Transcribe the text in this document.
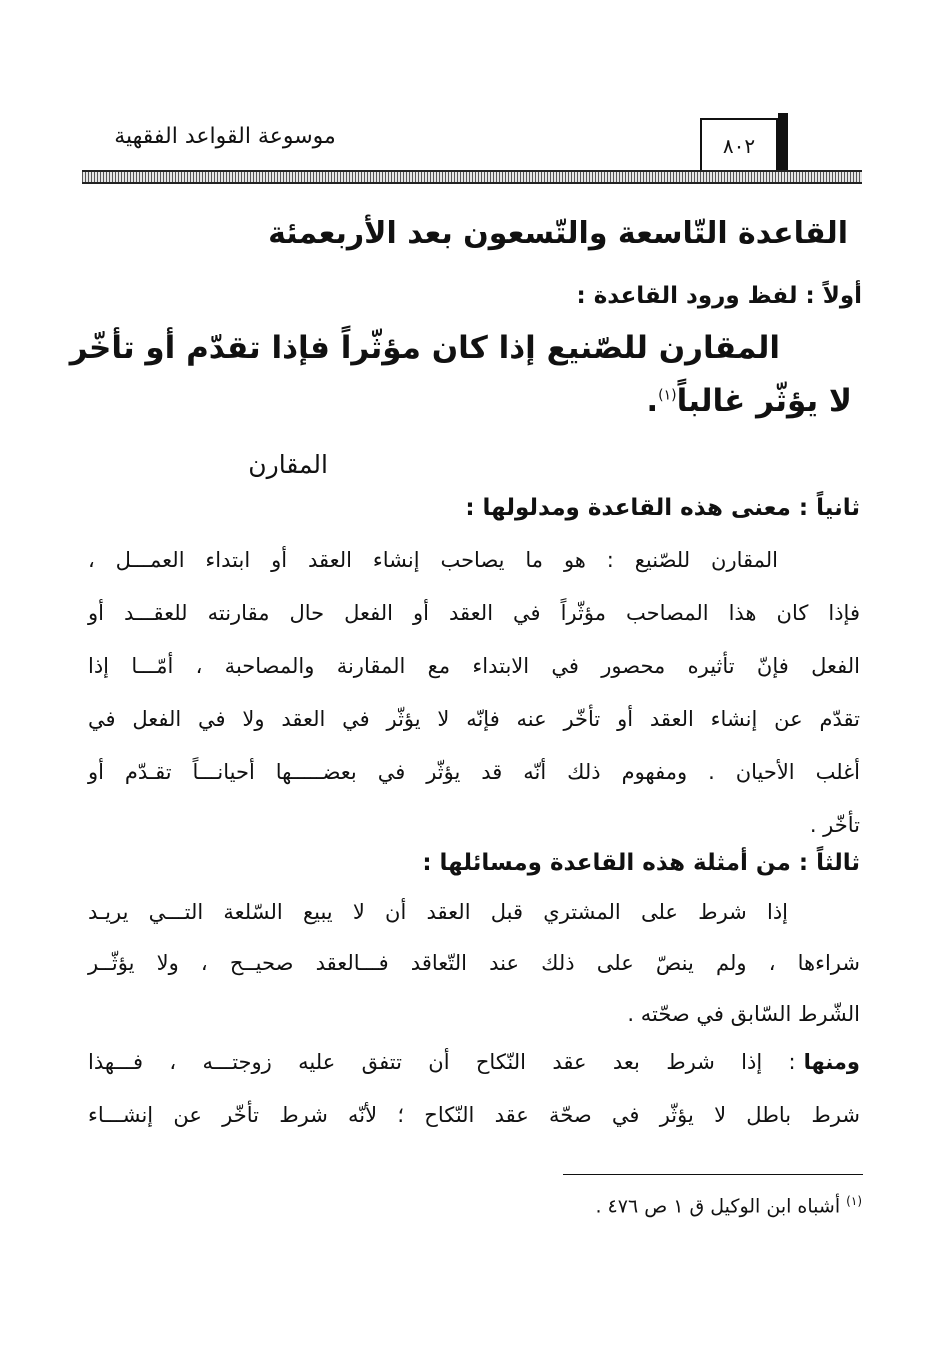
موسوعة القواعد الفقهية	٨٠٢
القاعدة التّاسعة والتّسعون بعد الأربعمئة
أولاً : لفظ ورود القاعدة :
المقارن للصّنيع إذا كان مؤثّراً فإذا تقدّم أو تأخّر
لا يؤثّر غالباً$^{(١)}$.
المقارن
ثانياً : معنى هذه القاعدة ومدلولها :
المقارن للصّنيع : هو ما يصاحب إنشاء العقد أو ابتداء العمـــل ،
فإذا كان هذا المصاحب مؤثّراً في العقد أو الفعل حال مقارنته للعقـــد أو
الفعل فإنّ تأثيره محصور في الابتداء مع المقارنة والمصاحبة ، أمّـــا إذا
تقدّم عن إنشاء العقد أو تأخّر عنه فإنّه لا يؤثّر في العقد ولا في الفعل في
أغلب الأحيان . ومفهوم ذلك أنّه قد يؤثّر في بعضـــــها أحيانـــاً تقـدّم أو
تأخّر .
ثالثاً : من أمثلة هذه القاعدة ومسائلها :
إذا شرط على المشتري قبل العقد أن لا يبيع السّلعة التـــي يريـد
شراءها ، ولم ينصّ على ذلك عند التّعاقد فـــالعقد صحيــح ، ولا يؤثّــر
الشّرط السّابق في صحّته .
ومنها
: إذا شرط بعد عقد النّكاح أن تتفق عليه زوجتـــه ، فـــهذا
شرط باطل لا يؤثّر في صحّة عقد النّكاح ؛ لأنّه شرط تأخّر عن إنشـــاء
$^{(١)}$ أشباه ابن الوكيل ق ١ ص ٤٧٦ .
